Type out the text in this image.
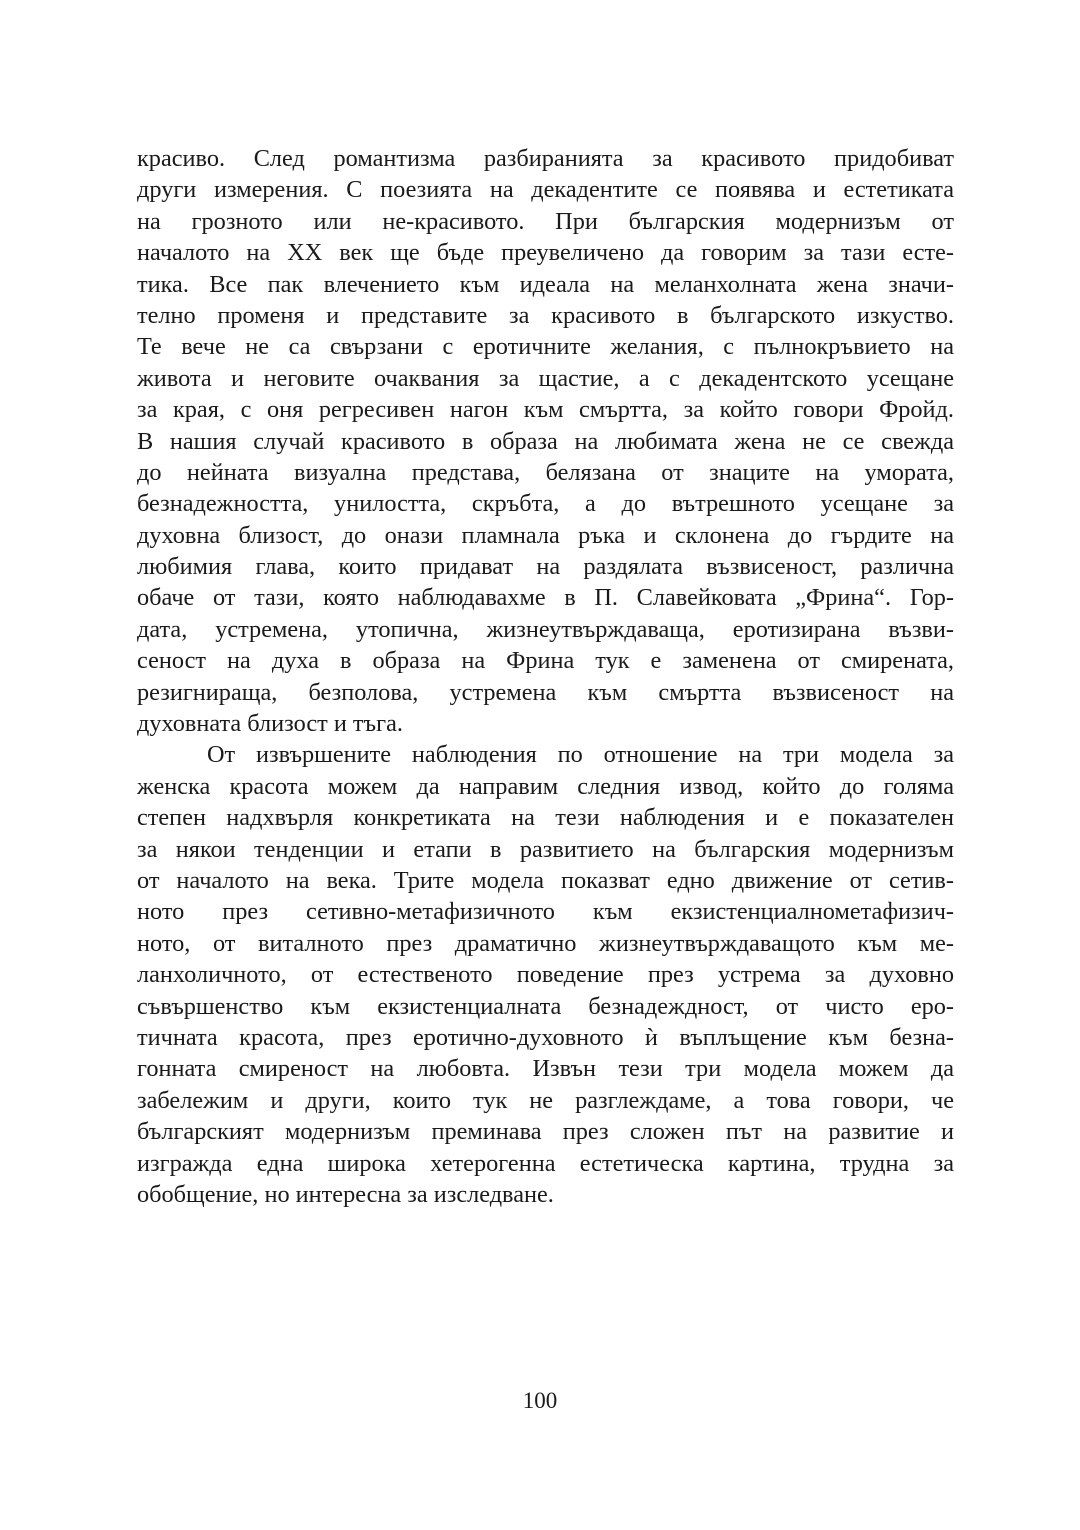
красиво. След романтизма разбиранията за красивото придобиват
други измерения. С поезията на декадентите се появява и естетиката
на грозното или не-красивото. При българския модернизъм от
началото на XX век ще бъде преувеличено да говорим за тази есте-
тика. Все пак влечението към идеала на меланхолната жена значи-
телно променя и представите за красивото в българското изкуство.
Те вече не са свързани с еротичните желания, с пълнокръвието на
живота и неговите очаквания за щастие, а с декадентското усещане
за края, с оня регресивен нагон към смъртта, за който говори Фройд.
В нашия случай красивото в образа на любимата жена не се свежда
до нейната визуална представа, белязана от знаците на умората,
безнадежността, унилостта, скръбта, а до вътрешното усещане за
духовна близост, до онази пламнала ръка и склонена до гърдите на
любимия глава, които придават на раздялата възвисеност, различна
обаче от тази, която наблюдавахме в П. Славейковата „Фрина“. Гор-
дата, устремена, утопична, жизнеутвърждаваща, еротизирана възви-
сеност на духа в образа на Фрина тук е заменена от смирената,
резигнираща, безполова, устремена към смъртта възвисеност на
духовната близост и тъга.
От извършените наблюдения по отношение на три модела за
женска красота можем да направим следния извод, който до голяма
степен надхвърля конкретиката на тези наблюдения и е показателен
за някои тенденции и етапи в развитието на българския модернизъм
от началото на века. Трите модела показват едно движение от сетив-
ното през сетивно-метафизичното към екзистенциалнометафизич-
ното, от виталното през драматично жизнеутвърждаващото към ме-
ланхоличното, от естественото поведение през устрема за духовно
съвършенство към екзистенциалната безнадеждност, от чисто еро-
тичната красота, през еротично-духовното ѝ въплъщение към безна-
гонната смиреност на любовта. Извън тези три модела можем да
забележим и други, които тук не разглеждаме, а това говори, че
българският модернизъм преминава през сложен път на развитие и
изгражда една широка хетерогенна естетическа картина, трудна за
обобщение, но интересна за изследване.
100
